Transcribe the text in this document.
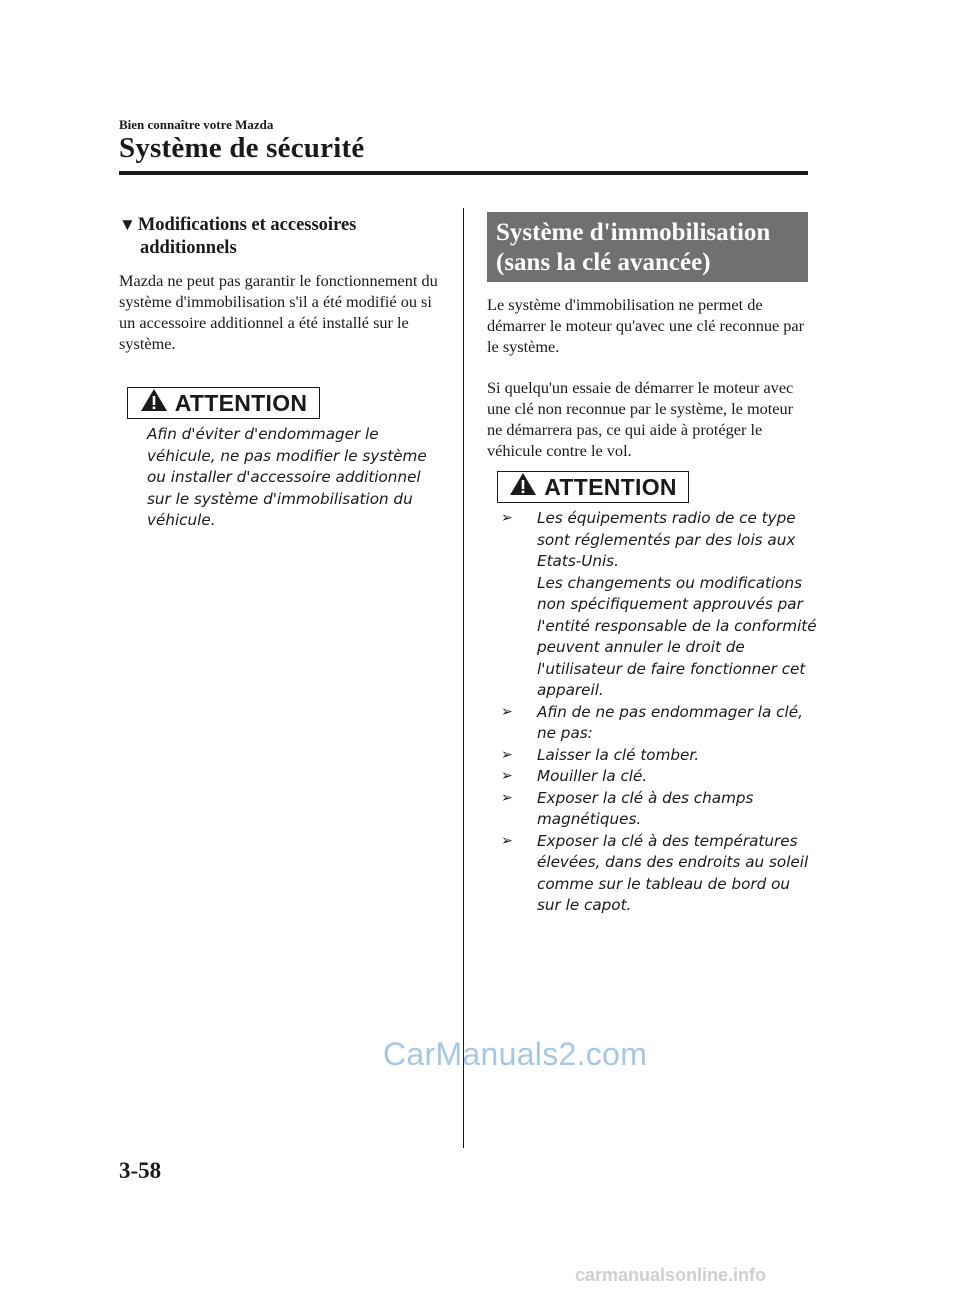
Bien connaître votre Mazda
Système de sécurité
▼ Modifications et accessoires
additionnels
Mazda ne peut pas garantir le fonctionnement du système d'immobilisation s'il a été modifié ou si un accessoire additionnel a été installé sur le système.
ATTENTION
Afin d'éviter d'endommager le véhicule, ne pas modifier le système ou installer d'accessoire additionnel sur le système d'immobilisation du véhicule.
Système d'immobilisation
(sans la clé avancée)
Le système d'immobilisation ne permet de démarrer le moteur qu'avec une clé reconnue par le système.
Si quelqu'un essaie de démarrer le moteur avec une clé non reconnue par le système, le moteur ne démarrera pas, ce qui aide à protéger le véhicule contre le vol.
ATTENTION
➢ Les équipements radio de ce type sont réglementés par des lois aux Etats-Unis.
Les changements ou modifications non spécifiquement approuvés par l'entité responsable de la conformité peuvent annuler le droit de l'utilisateur de faire fonctionner cet appareil.
➢ Afin de ne pas endommager la clé, ne pas:
➢ Laisser la clé tomber.
➢ Mouiller la clé.
➢ Exposer la clé à des champs magnétiques.
➢ Exposer la clé à des températures élevées, dans des endroits au soleil comme sur le tableau de bord ou sur le capot.
CarManuals2.com
3-58
carmanualsonline.info
